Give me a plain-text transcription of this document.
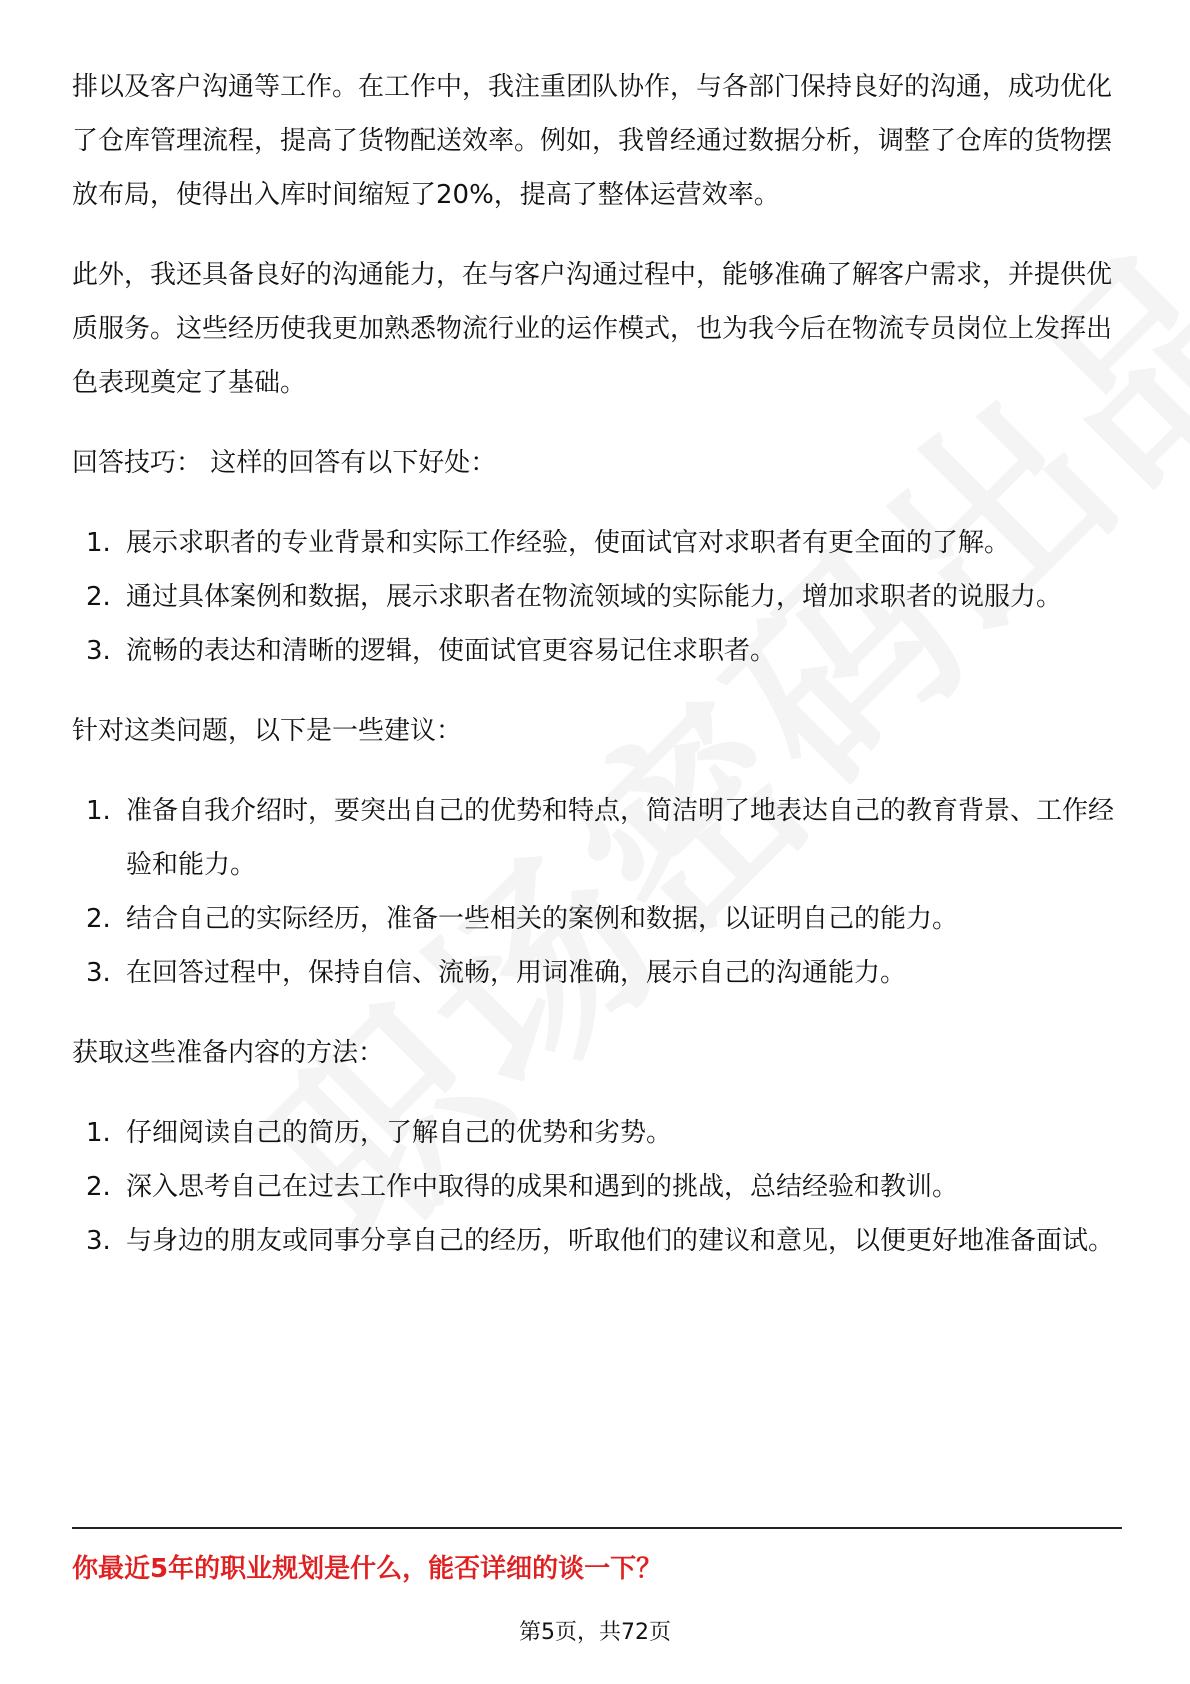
排以及客户沟通等工作。在工作中，我注重团队协作，与各部门保持良好的沟通，成功优化了仓库管理流程，提高了货物配送效率。例如，我曾经通过数据分析，调整了仓库的货物摆放布局，使得出入库时间缩短了20%，提高了整体运营效率。

此外，我还具备良好的沟通能力，在与客户沟通过程中，能够准确了解客户需求，并提供优质服务。这些经历使我更加熟悉物流行业的运作模式，也为我今后在物流专员岗位上发挥出色表现奠定了基础。

回答技巧： 这样的回答有以下好处：

1. 展示求职者的专业背景和实际工作经验，使面试官对求职者有更全面的了解。
2. 通过具体案例和数据，展示求职者在物流领域的实际能力，增加求职者的说服力。
3. 流畅的表达和清晰的逻辑，使面试官更容易记住求职者。

针对这类问题，以下是一些建议：

1. 准备自我介绍时，要突出自己的优势和特点，简洁明了地表达自己的教育背景、工作经验和能力。
2. 结合自己的实际经历，准备一些相关的案例和数据，以证明自己的能力。
3. 在回答过程中，保持自信、流畅，用词准确，展示自己的沟通能力。

获取这些准备内容的方法：

1. 仔细阅读自己的简历，了解自己的优势和劣势。
2. 深入思考自己在过去工作中取得的成果和遇到的挑战，总结经验和教训。
3. 与身边的朋友或同事分享自己的经历，听取他们的建议和意见，以便更好地准备面试。
你最近5年的职业规划是什么，能否详细的谈一下？
第5页，共72页
